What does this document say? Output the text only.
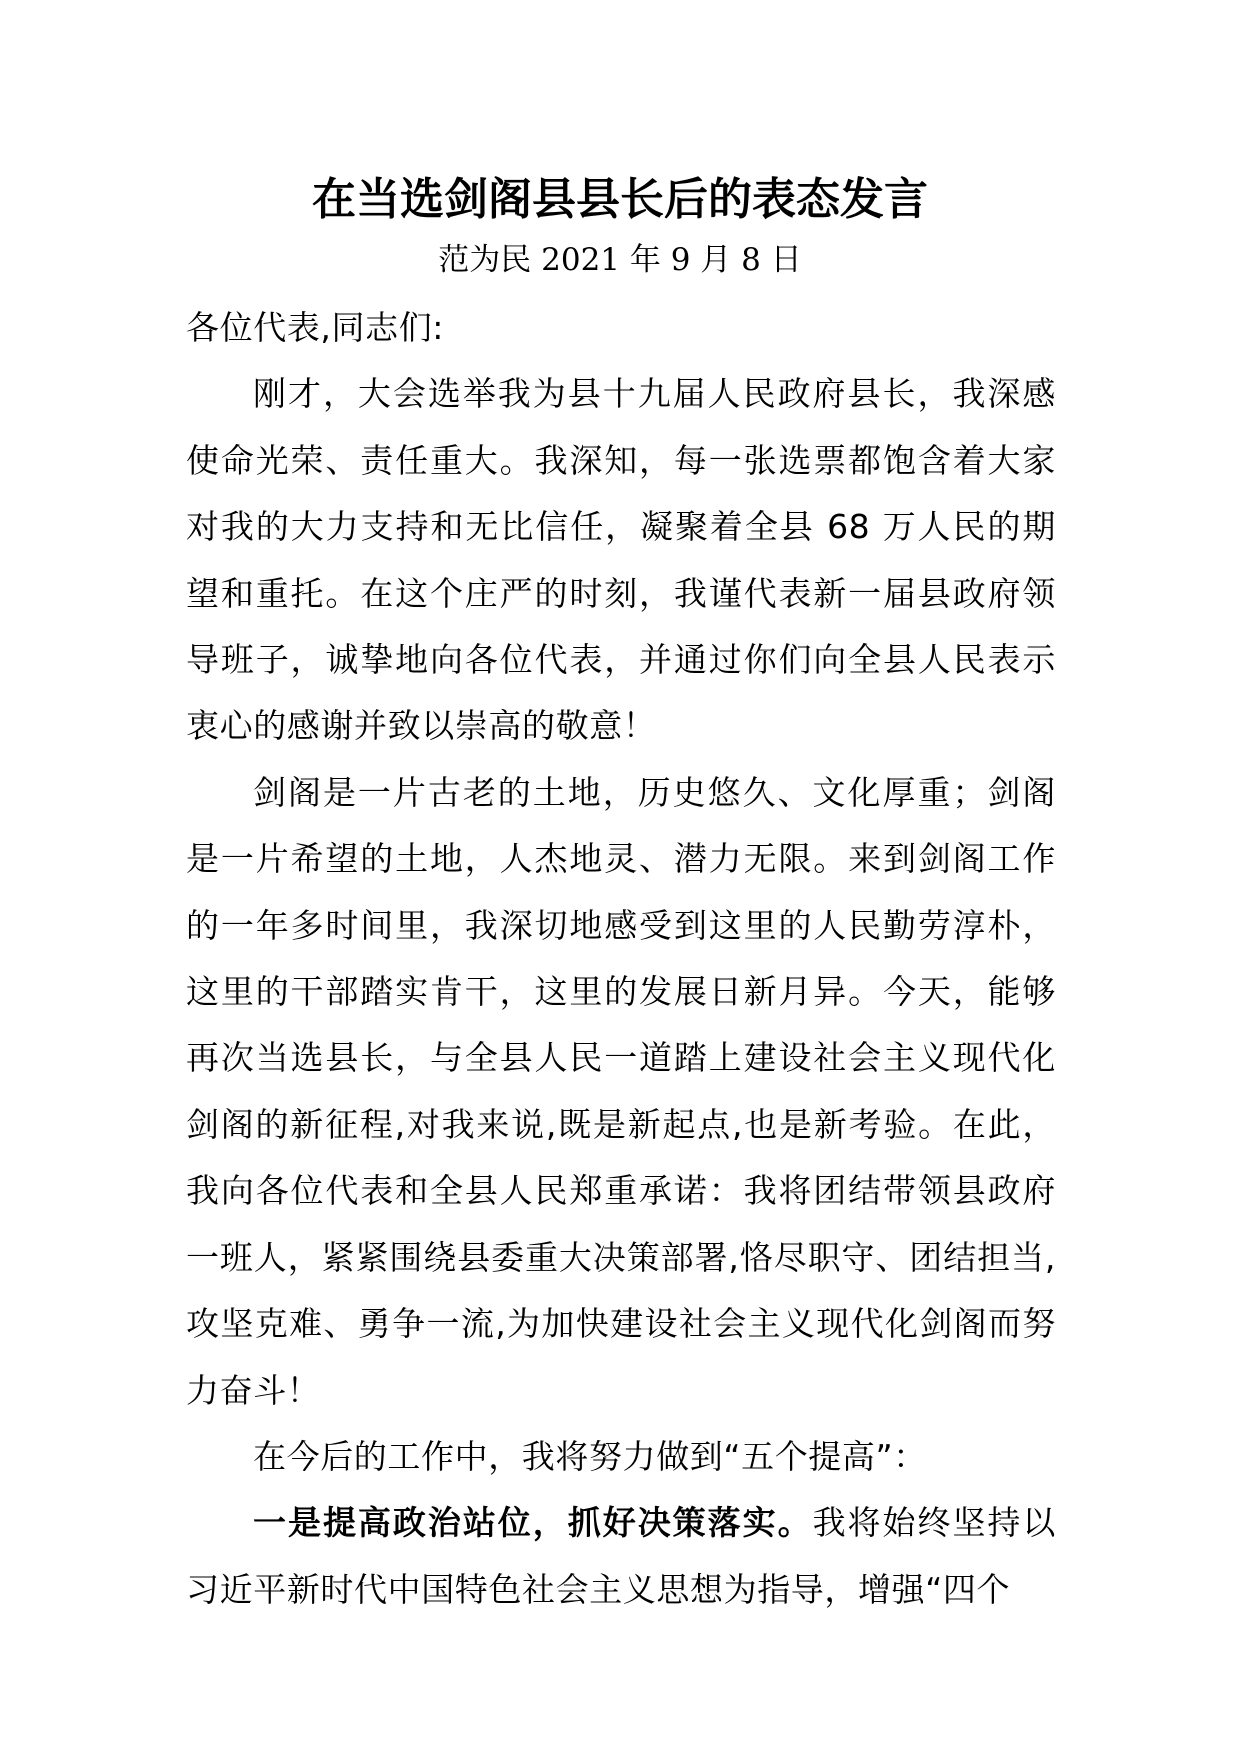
在当选剑阁县县长后的表态发言
范为民 2021 年 9 月 8 日

各位代表,同志们:

刚才，大会选举我为县十九届人民政府县长，我深感使命光荣、责任重大。我深知，每一张选票都饱含着大家对我的大力支持和无比信任，凝聚着全县 68 万人民的期望和重托。在这个庄严的时刻，我谨代表新一届县政府领导班子，诚挚地向各位代表，并通过你们向全县人民表示衷心的感谢并致以崇高的敬意！

剑阁是一片古老的土地，历史悠久、文化厚重；剑阁是一片希望的土地，人杰地灵、潜力无限。来到剑阁工作的一年多时间里，我深切地感受到这里的人民勤劳淳朴，这里的干部踏实肯干，这里的发展日新月异。今天，能够再次当选县长，与全县人民一道踏上建设社会主义现代化剑阁的新征程,对我来说,既是新起点,也是新考验。在此，我向各位代表和全县人民郑重承诺：我将团结带领县政府一班人，紧紧围绕县委重大决策部署,恪尽职守、团结担当,攻坚克难、勇争一流,为加快建设社会主义现代化剑阁而努力奋斗！

在今后的工作中，我将努力做到“五个提高”：

一是提高政治站位，抓好决策落实。我将始终坚持以习近平新时代中国特色社会主义思想为指导，增强“四个
